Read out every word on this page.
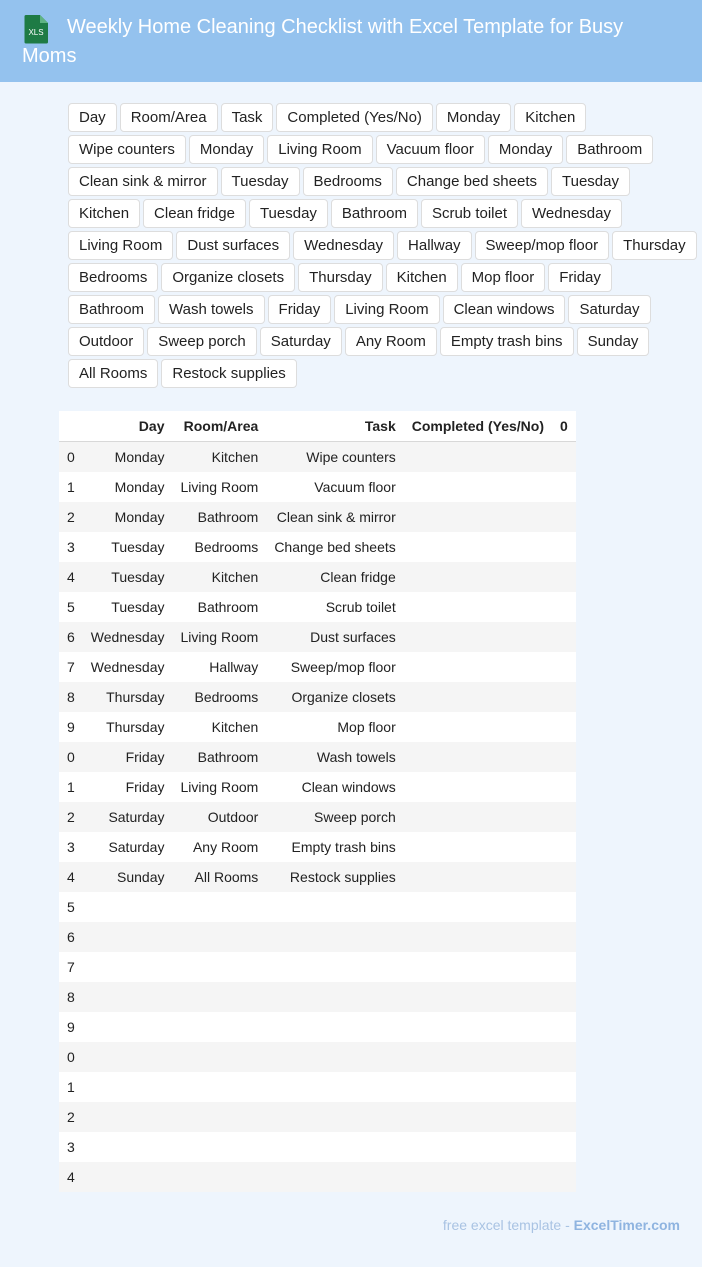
XLS	Weekly Home Cleaning Checklist with Excel Template for Busy Moms
Day	Room/Area	Task	Completed (Yes/No)	Monday	Kitchen
Wipe counters	Monday	Living Room	Vacuum floor	Monday	Bathroom
Clean sink & mirror	Tuesday	Bedrooms	Change bed sheets	Tuesday
Kitchen	Clean fridge	Tuesday	Bathroom	Scrub toilet	Wednesday
Living Room	Dust surfaces	Wednesday	Hallway	Sweep/mop floor	Thursday
Bedrooms	Organize closets	Thursday	Kitchen	Mop floor	Friday
Bathroom	Wash towels	Friday	Living Room	Clean windows	Saturday
Outdoor	Sweep porch	Saturday	Any Room	Empty trash bins	Sunday
All Rooms	Restock supplies
	Day	Room/Area	Task	Completed (Yes/No)	0
0	Monday	Kitchen	Wipe counters		
1	Monday	Living Room	Vacuum floor		
2	Monday	Bathroom	Clean sink & mirror		
3	Tuesday	Bedrooms	Change bed sheets		
4	Tuesday	Kitchen	Clean fridge		
5	Tuesday	Bathroom	Scrub toilet		
6	Wednesday	Living Room	Dust surfaces		
7	Wednesday	Hallway	Sweep/mop floor		
8	Thursday	Bedrooms	Organize closets		
9	Thursday	Kitchen	Mop floor		
0	Friday	Bathroom	Wash towels		
1	Friday	Living Room	Clean windows		
2	Saturday	Outdoor	Sweep porch		
3	Saturday	Any Room	Empty trash bins		
4	Sunday	All Rooms	Restock supplies		
5					
6					
7					
8					
9					
0					
1					
2					
3					
4					
free excel template - ExcelTimer.com
